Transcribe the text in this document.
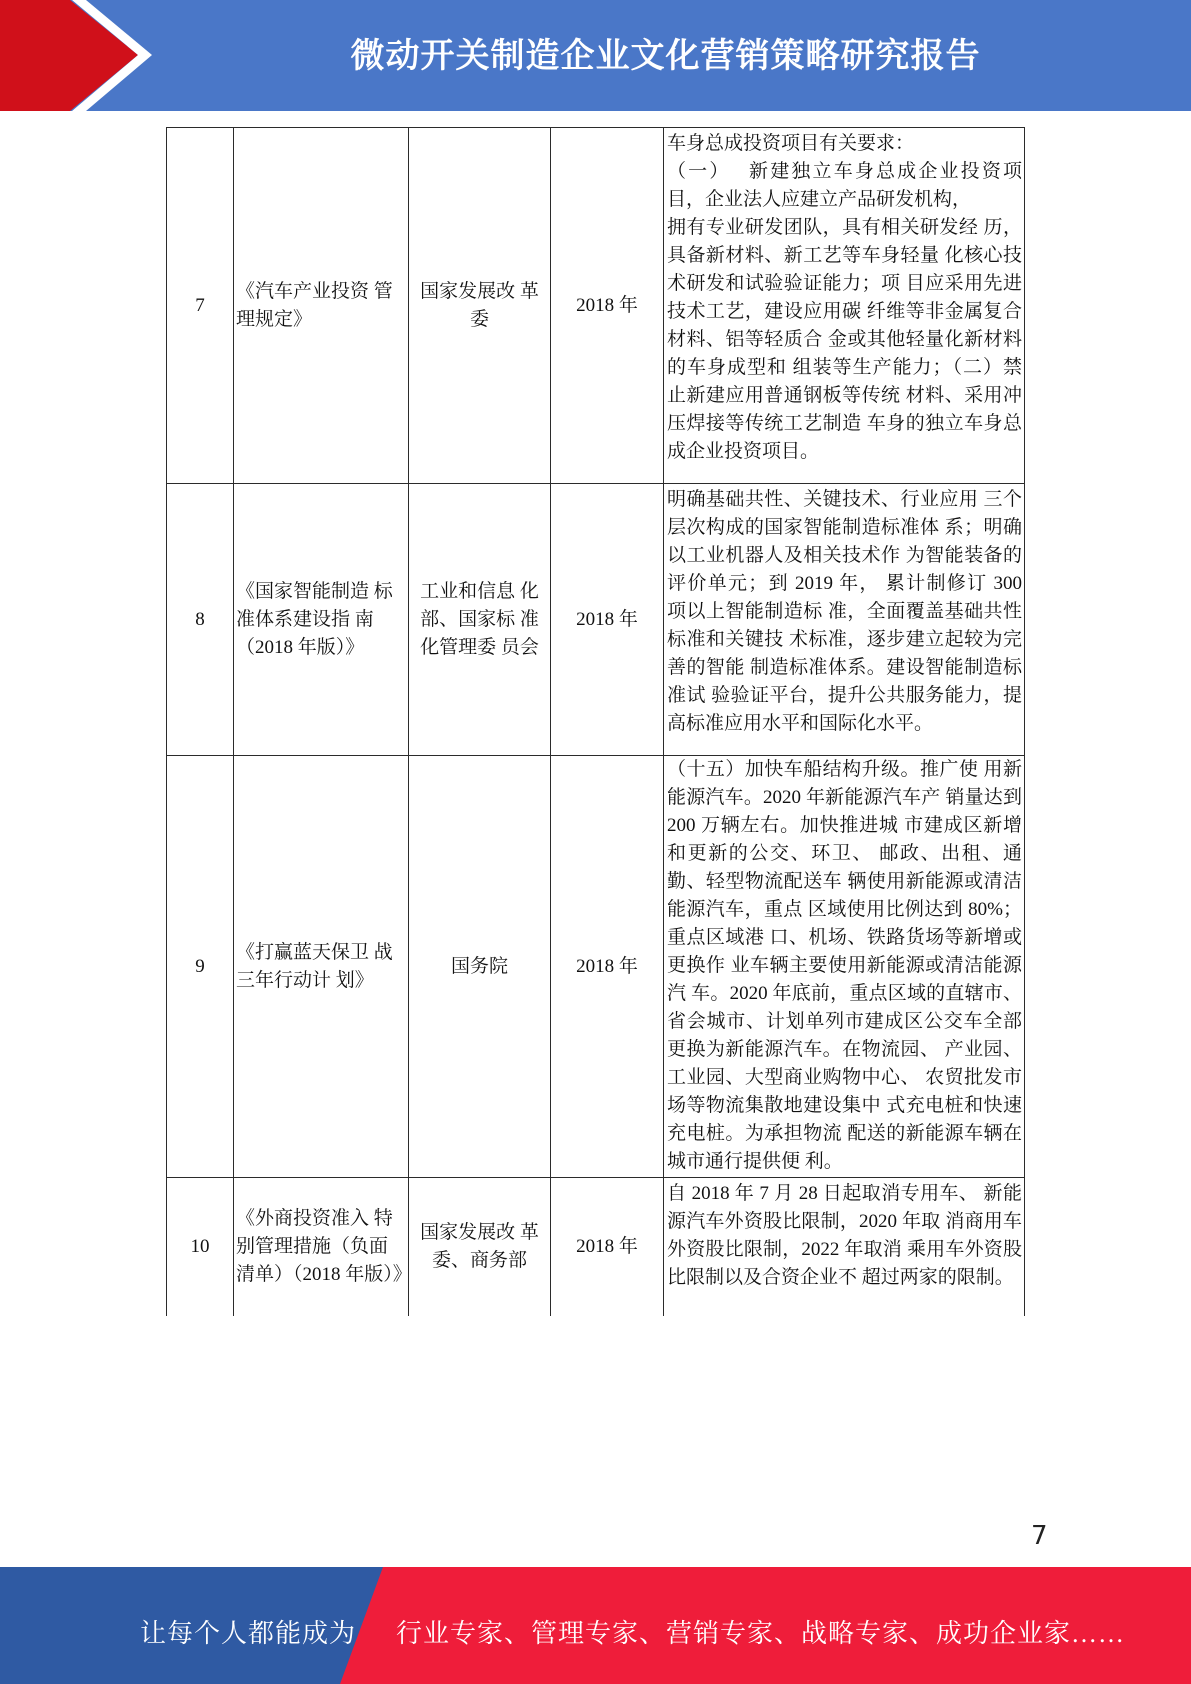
微动开关制造企业文化营销策略研究报告
7	《汽车产业投资 管理规定》	国家发展改 革委	2018 年	车身总成投资项目有关要求：
（一）　 新建独立车身总成企业投资项目，企业法人应建立产品研发机构，
拥有专业研发团队，具有相关研发经 历，具备新材料、新工艺等车身轻量 化核心技术研发和试验验证能力；项 目应采用先进技术工艺，建设应用碳 纤维等非金属复合材料、铝等轻质合 金或其他轻量化新材料的车身成型和 组装等生产能力；（二）禁止新建应用普通钢板等传统 材料、采用冲压焊接等传统工艺制造 车身的独立车身总成企业投资项目。
8	《国家智能制造 标准体系建设指 南（2018 年版）》	工业和信息 化部、国家标 准化管理委 员会	2018 年	明确基础共性、关键技术、行业应用 三个层次构成的国家智能制造标准体 系；明确以工业机器人及相关技术作 为智能装备的评价单元；到 2019 年， 累计制修订 300 项以上智能制造标 准，全面覆盖基础共性标准和关键技 术标准，逐步建立起较为完善的智能 制造标准体系。建设智能制造标准试 验验证平台，提升公共服务能力，提 高标准应用水平和国际化水平。
9	《打赢蓝天保卫 战三年行动计 划》	国务院	2018 年	（十五）加快车船结构升级。推广使 用新能源汽车。2020 年新能源汽车产 销量达到 200 万辆左右。加快推进城 市建成区新增和更新的公交、环卫、 邮政、出租、通勤、轻型物流配送车 辆使用新能源或清洁能源汽车，重点 区域使用比例达到 80%；重点区域港 口、机场、铁路货场等新增或更换作 业车辆主要使用新能源或清洁能源汽 车。2020 年底前，重点区域的直辖市、 省会城市、计划单列市建成区公交车全部更换为新能源汽车。在物流园、 产业园、工业园、大型商业购物中心、 农贸批发市场等物流集散地建设集中 式充电桩和快速充电桩。为承担物流 配送的新能源车辆在城市通行提供便 利。

10	《外商投资准入 特别管理措施（负面清单）（2018 年版）》	国家发展改 革委、商务部	2018 年	自 2018 年 7 月 28 日起取消专用车、 新能源汽车外资股比限制，2020 年取 消商用车外资股比限制，2022 年取消 乘用车外资股比限制以及合资企业不 超过两家的限制。
7
让每个人都能成为 行业专家、管理专家、营销专家、战略专家、成功企业家……
